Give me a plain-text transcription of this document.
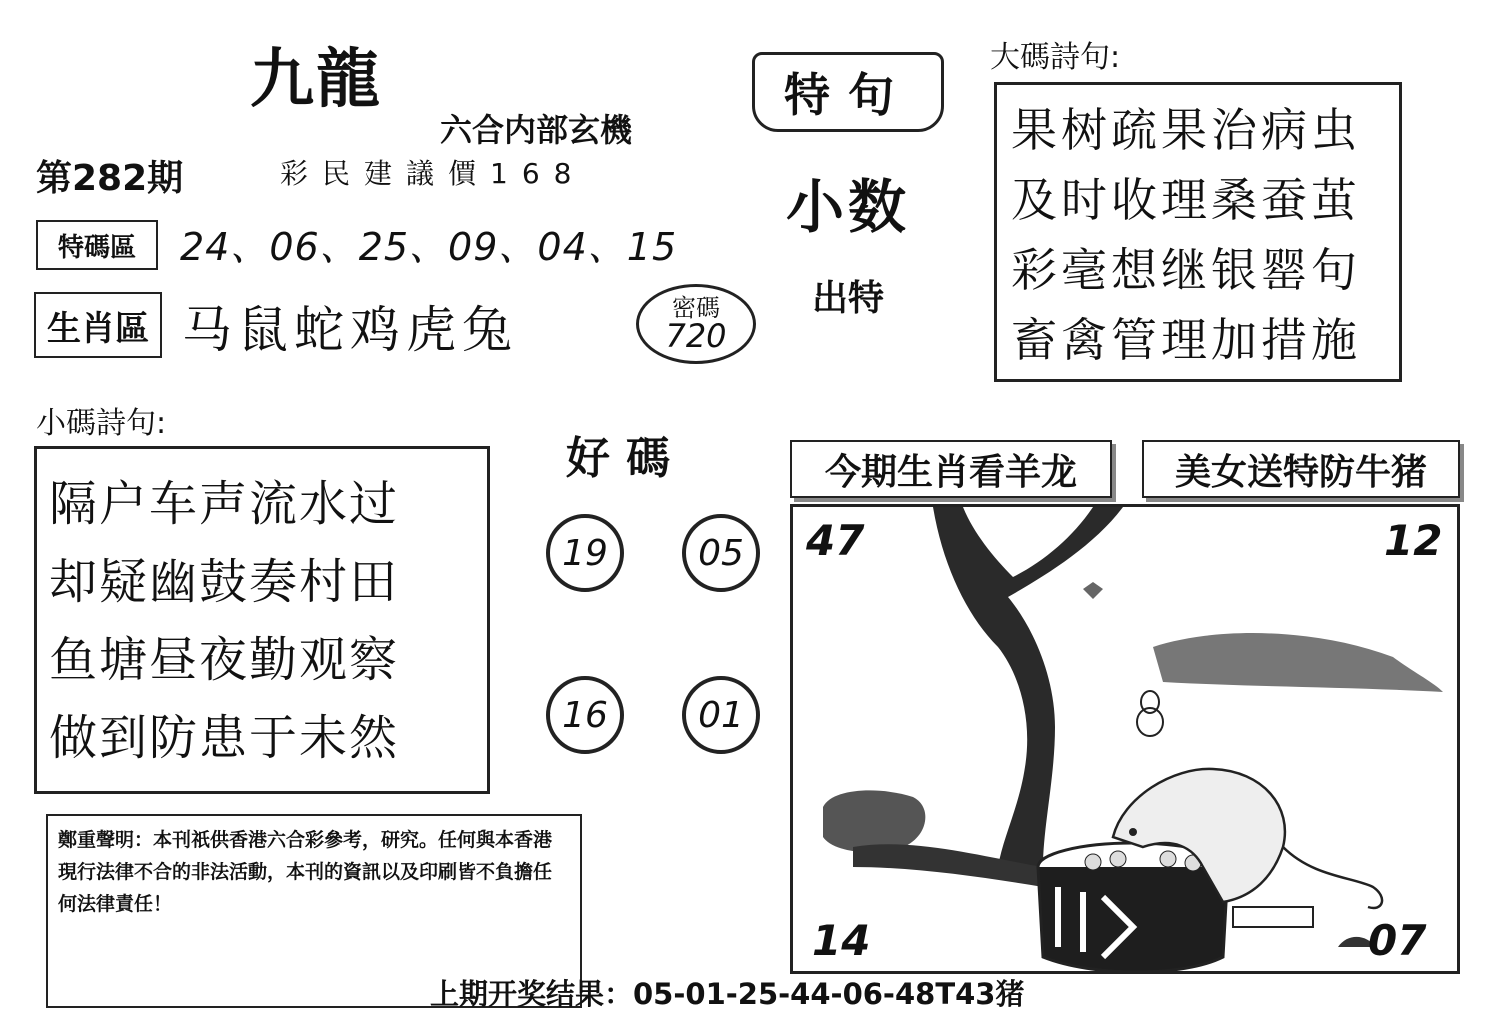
九龍
六合内部玄機
第282期	彩民建議價168
特碼區	24、06、25、09、04、15
生肖區 马鼠蛇鸡虎兔	密碼
720
特句
小数
出特
大碼詩句:
果树疏果治病虫
及时收理桑蚕茧
彩毫想继银罂句
畜禽管理加措施
小碼詩句:
隔户车声流水过
却疑幽鼓奏村田
鱼塘昼夜勤观察
做到防患于未然
好碼
19	05
16	01
今期生肖看羊龙	美女送特防牛猪
47	12
14	07
鄭重聲明：本刊祇供香港六合彩參考，研究。任何與本香港現行法律不合的非法活動，本刊的資訊以及印刷皆不負擔任何法律責任！
上期开奖结果：05-01-25-44-06-48T43猪
